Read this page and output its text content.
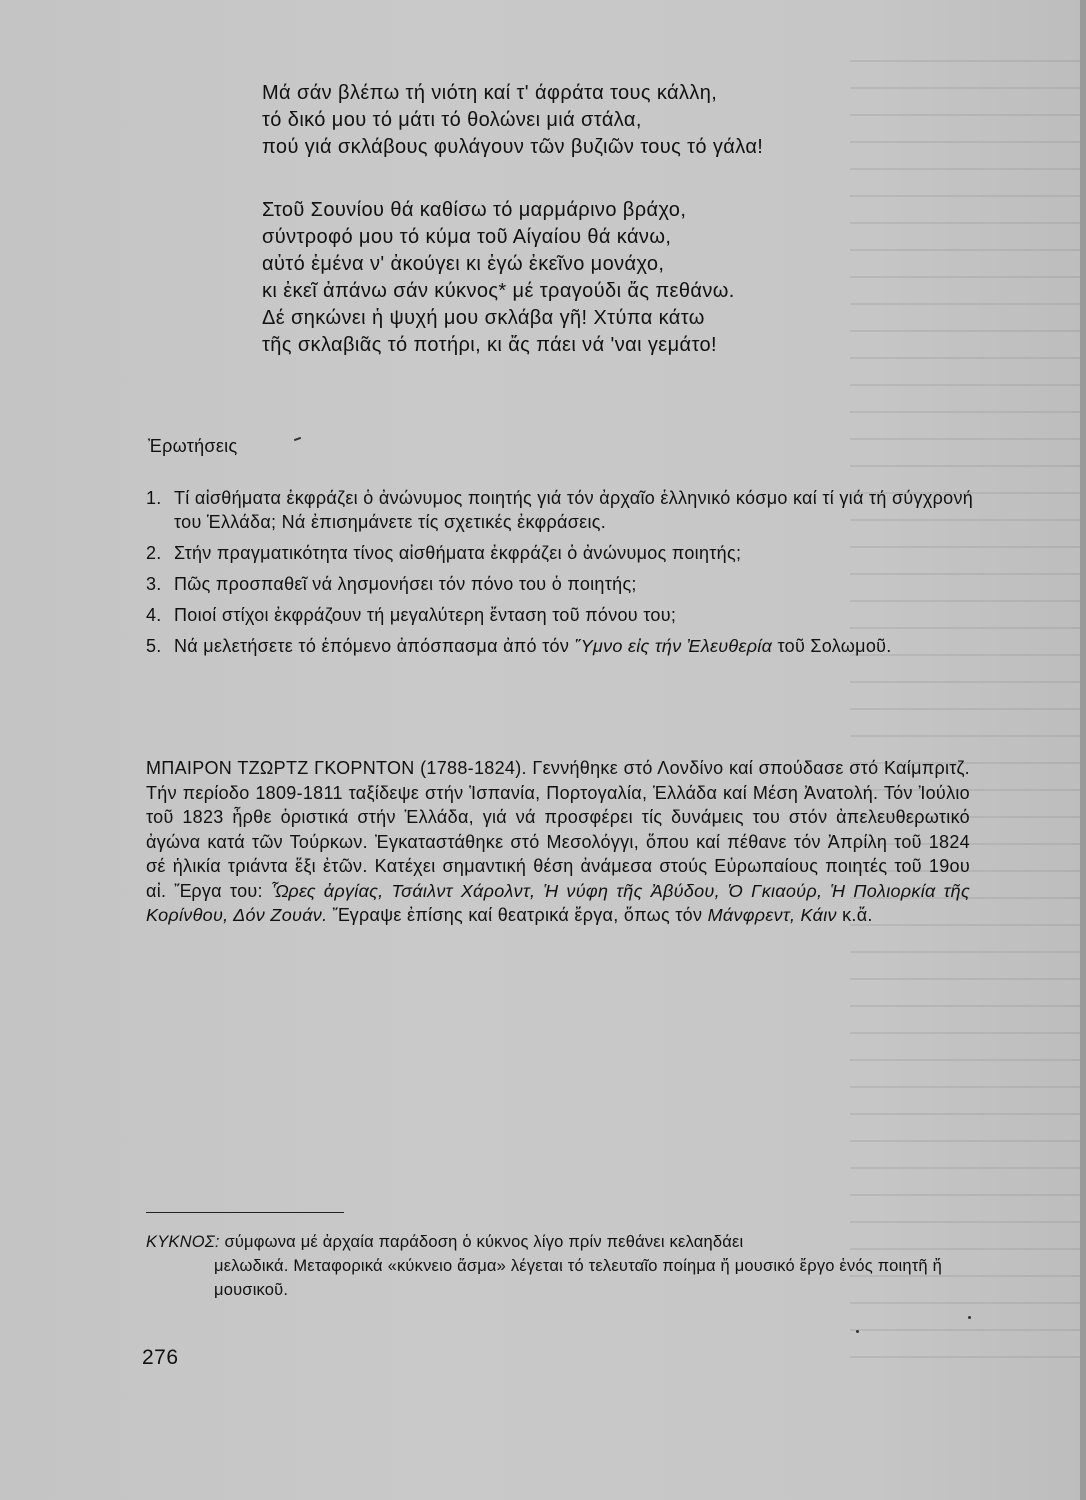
Μά σάν βλέπω τή νιότη καί τ' άφράτα τους κάλλη,
τό δικό μου τό μάτι τό θολώνει μιά στάλα,
πού γιά σκλάβους φυλάγουν τῶν βυζιῶν τους τό γάλα!
Στοῦ Σουνίου θά καθίσω τό μαρμάρινο βράχο,
σύντροφό μου τό κύμα τοῦ Αίγαίου θά κάνω,
αὐτό ἐμένα ν' ἀκούγει κι ἐγώ ἐκεῖνο μονάχο,
κι ἐκεῖ ἀπάνω σάν κύκνος* μέ τραγούδι ἄς πεθάνω.
Δέ σηκώνει ἡ ψυχή μου σκλάβα γῆ! Χτύπα κάτω
τῆς σκλαβιᾶς τό ποτήρι, κι ἄς πάει νά 'ναι γεμάτο!
Ἐρωτήσεις
1. Τί αἰσθήματα ἐκφράζει ὁ ἀνώνυμος ποιητής γιά τόν ἀρχαῖο ἑλληνικό κόσμο καί τί γιά τή σύγχρονή του Ἑλλάδα; Νά ἐπισημάνετε τίς σχετικές ἐκφράσεις.
2. Στήν πραγματικότητα τίνος αἰσθήματα ἐκφράζει ὁ ἀνώνυμος ποιητής;
3. Πῶς προσπαθεῖ νά λησμονήσει τόν πόνο του ὁ ποιητής;
4. Ποιοί στίχοι ἐκφράζουν τή μεγαλύτερη ἔνταση τοῦ πόνου του;
5. Νά μελετήσετε τό ἑπόμενο ἀπόσπασμα ἀπό τόν Ὕμνο εἰς τήν Ἐλευθερία τοῦ Σολωμοῦ.
ΜΠΑΙΡΟΝ ΤΖΩΡΤΖ ΓΚΟΡΝΤΟΝ (1788-1824). Γεννήθηκε στό Λονδίνο καί σπούδασε στό Καίμπριτζ. Τήν περίοδο 1809-1811 ταξίδεψε στήν Ἱσπανία, Πορτογαλία, Ἑλλάδα καί Μέση Ἀνατολή. Τόν Ἰούλιο τοῦ 1823 ἦρθε ὁριστικά στήν Ἑλλάδα, γιά νά προσφέρει τίς δυνάμεις του στόν ἀπελευθερωτικό ἀγώνα κατά τῶν Τούρκων. Ἐγκαταστάθηκε στό Μεσολόγγι, ὅπου καί πέθανε τόν Ἀπρίλη τοῦ 1824 σέ ἡλικία τριάντα ἕξι ἐτῶν. Κατέχει σημαντική θέση ἀνάμεσα στούς Εὐρωπαίους ποιητές τοῦ 19ου αἰ. Ἔργα του: Ὧρες ἀργίας, Τσάιλντ Χάρολντ, Ἡ νύφη τῆς Ἀβύδου, Ὁ Γκιαούρ, Ἡ Πολιορκία τῆς Κορίνθου, Δόν Ζουάν. Ἔγραψε ἐπίσης καί θεατρικά ἔργα, ὅπως τόν Μάνφρεντ, Κάιν κ.ἄ.
ΚΥΚΝΟΣ: σύμφωνα μέ ἀρχαία παράδοση ὁ κύκνος λίγο πρίν πεθάνει κελαηδάει
μελωδικά. Μεταφορικά «κύκνειο ἄσμα» λέγεται τό τελευταῖο ποίημα ἤ μουσικό ἔργο ἑνός ποιητῆ ἤ μουσικοῦ.
276
